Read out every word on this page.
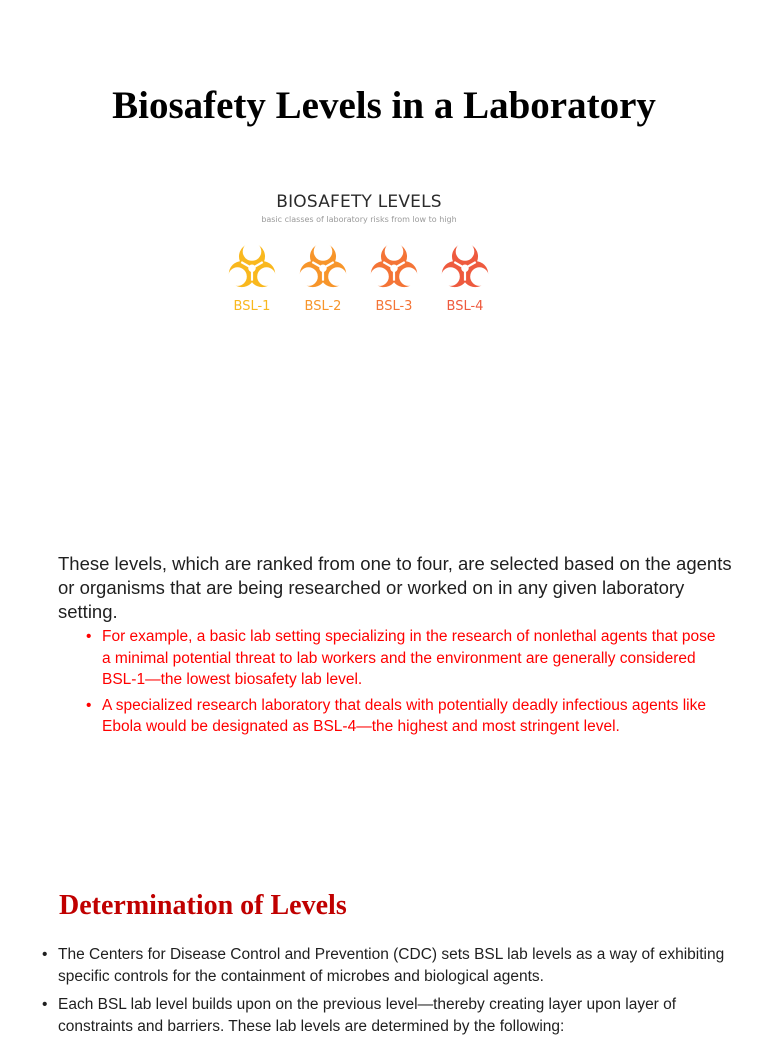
Biosafety Levels in a Laboratory
BIOSAFETY LEVELS
basic classes of laboratory risks from low to high
BSL-1	BSL-2	BSL-3	BSL-4

These levels, which are ranked from one to four, are selected based on the agents or organisms that are being researched or worked on in any given laboratory setting.

• For example, a basic lab setting specializing in the research of nonlethal agents that pose a minimal potential threat to lab workers and the environment are generally considered BSL-1—the lowest biosafety lab level.
• A specialized research laboratory that deals with potentially deadly infectious agents like Ebola would be designated as BSL-4—the highest and most stringent level.
Determination of Levels
• The Centers for Disease Control and Prevention (CDC) sets BSL lab levels as a way of exhibiting specific controls for the containment of microbes and biological agents.
• Each BSL lab level builds upon on the previous level—thereby creating layer upon layer of constraints and barriers. These lab levels are determined by the following:
